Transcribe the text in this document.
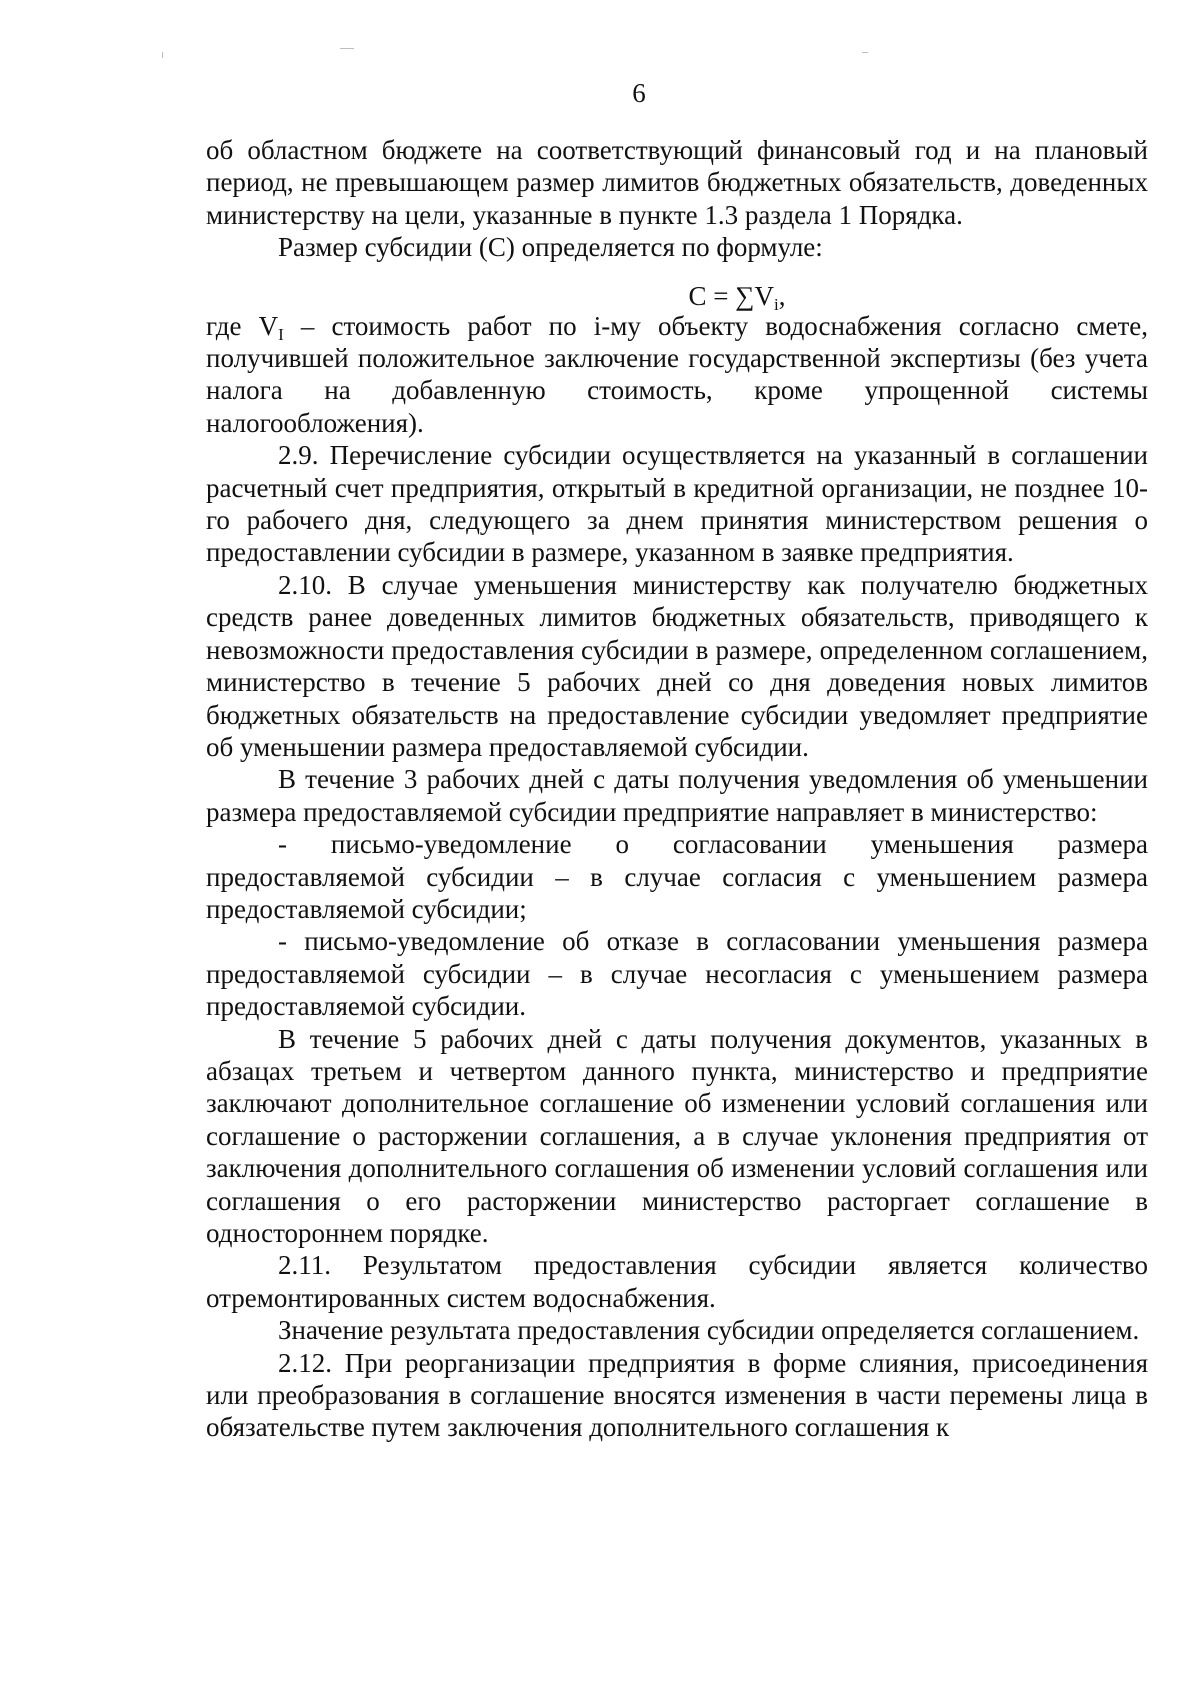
6

об областном бюджете на соответствующий финансовый год и на плановый период, не превышающем размер лимитов бюджетных обязательств, доведенных министерству на цели, указанные в пункте 1.3 раздела 1 Порядка.

Размер субсидии (С) определяется по формуле:

$С = \sum V_i$,

где $V_I$ – стоимость работ по i-му объекту водоснабжения согласно смете, получившей положительное заключение государственной экспертизы (без учета налога на добавленную стоимость, кроме упрощенной системы налогообложения).

2.9. Перечисление субсидии осуществляется на указанный в соглашении расчетный счет предприятия, открытый в кредитной организации, не позднее 10-го рабочего дня, следующего за днем принятия министерством решения о предоставлении субсидии в размере, указанном в заявке предприятия.

2.10. В случае уменьшения министерству как получателю бюджетных средств ранее доведенных лимитов бюджетных обязательств, приводящего к невозможности предоставления субсидии в размере, определенном соглашением, министерство в течение 5 рабочих дней со дня доведения новых лимитов бюджетных обязательств на предоставление субсидии уведомляет предприятие об уменьшении размера предоставляемой субсидии.

В течение 3 рабочих дней с даты получения уведомления об уменьшении размера предоставляемой субсидии предприятие направляет в министерство:

- письмо-уведомление о согласовании уменьшения размера предоставляемой субсидии – в случае согласия с уменьшением размера предоставляемой субсидии;

- письмо-уведомление об отказе в согласовании уменьшения размера предоставляемой субсидии – в случае несогласия с уменьшением размера предоставляемой субсидии.

В течение 5 рабочих дней с даты получения документов, указанных в абзацах третьем и четвертом данного пункта, министерство и предприятие заключают дополнительное соглашение об изменении условий соглашения или соглашение о расторжении соглашения, а в случае уклонения предприятия от заключения дополнительного соглашения об изменении условий соглашения или соглашения о его расторжении министерство расторгает соглашение в одностороннем порядке.

2.11. Результатом предоставления субсидии является количество отремонтированных систем водоснабжения.

Значение результата предоставления субсидии определяется соглашением.

2.12. При реорганизации предприятия в форме слияния, присоединения или преобразования в соглашение вносятся изменения в части перемены лица в обязательстве путем заключения дополнительного соглашения к
